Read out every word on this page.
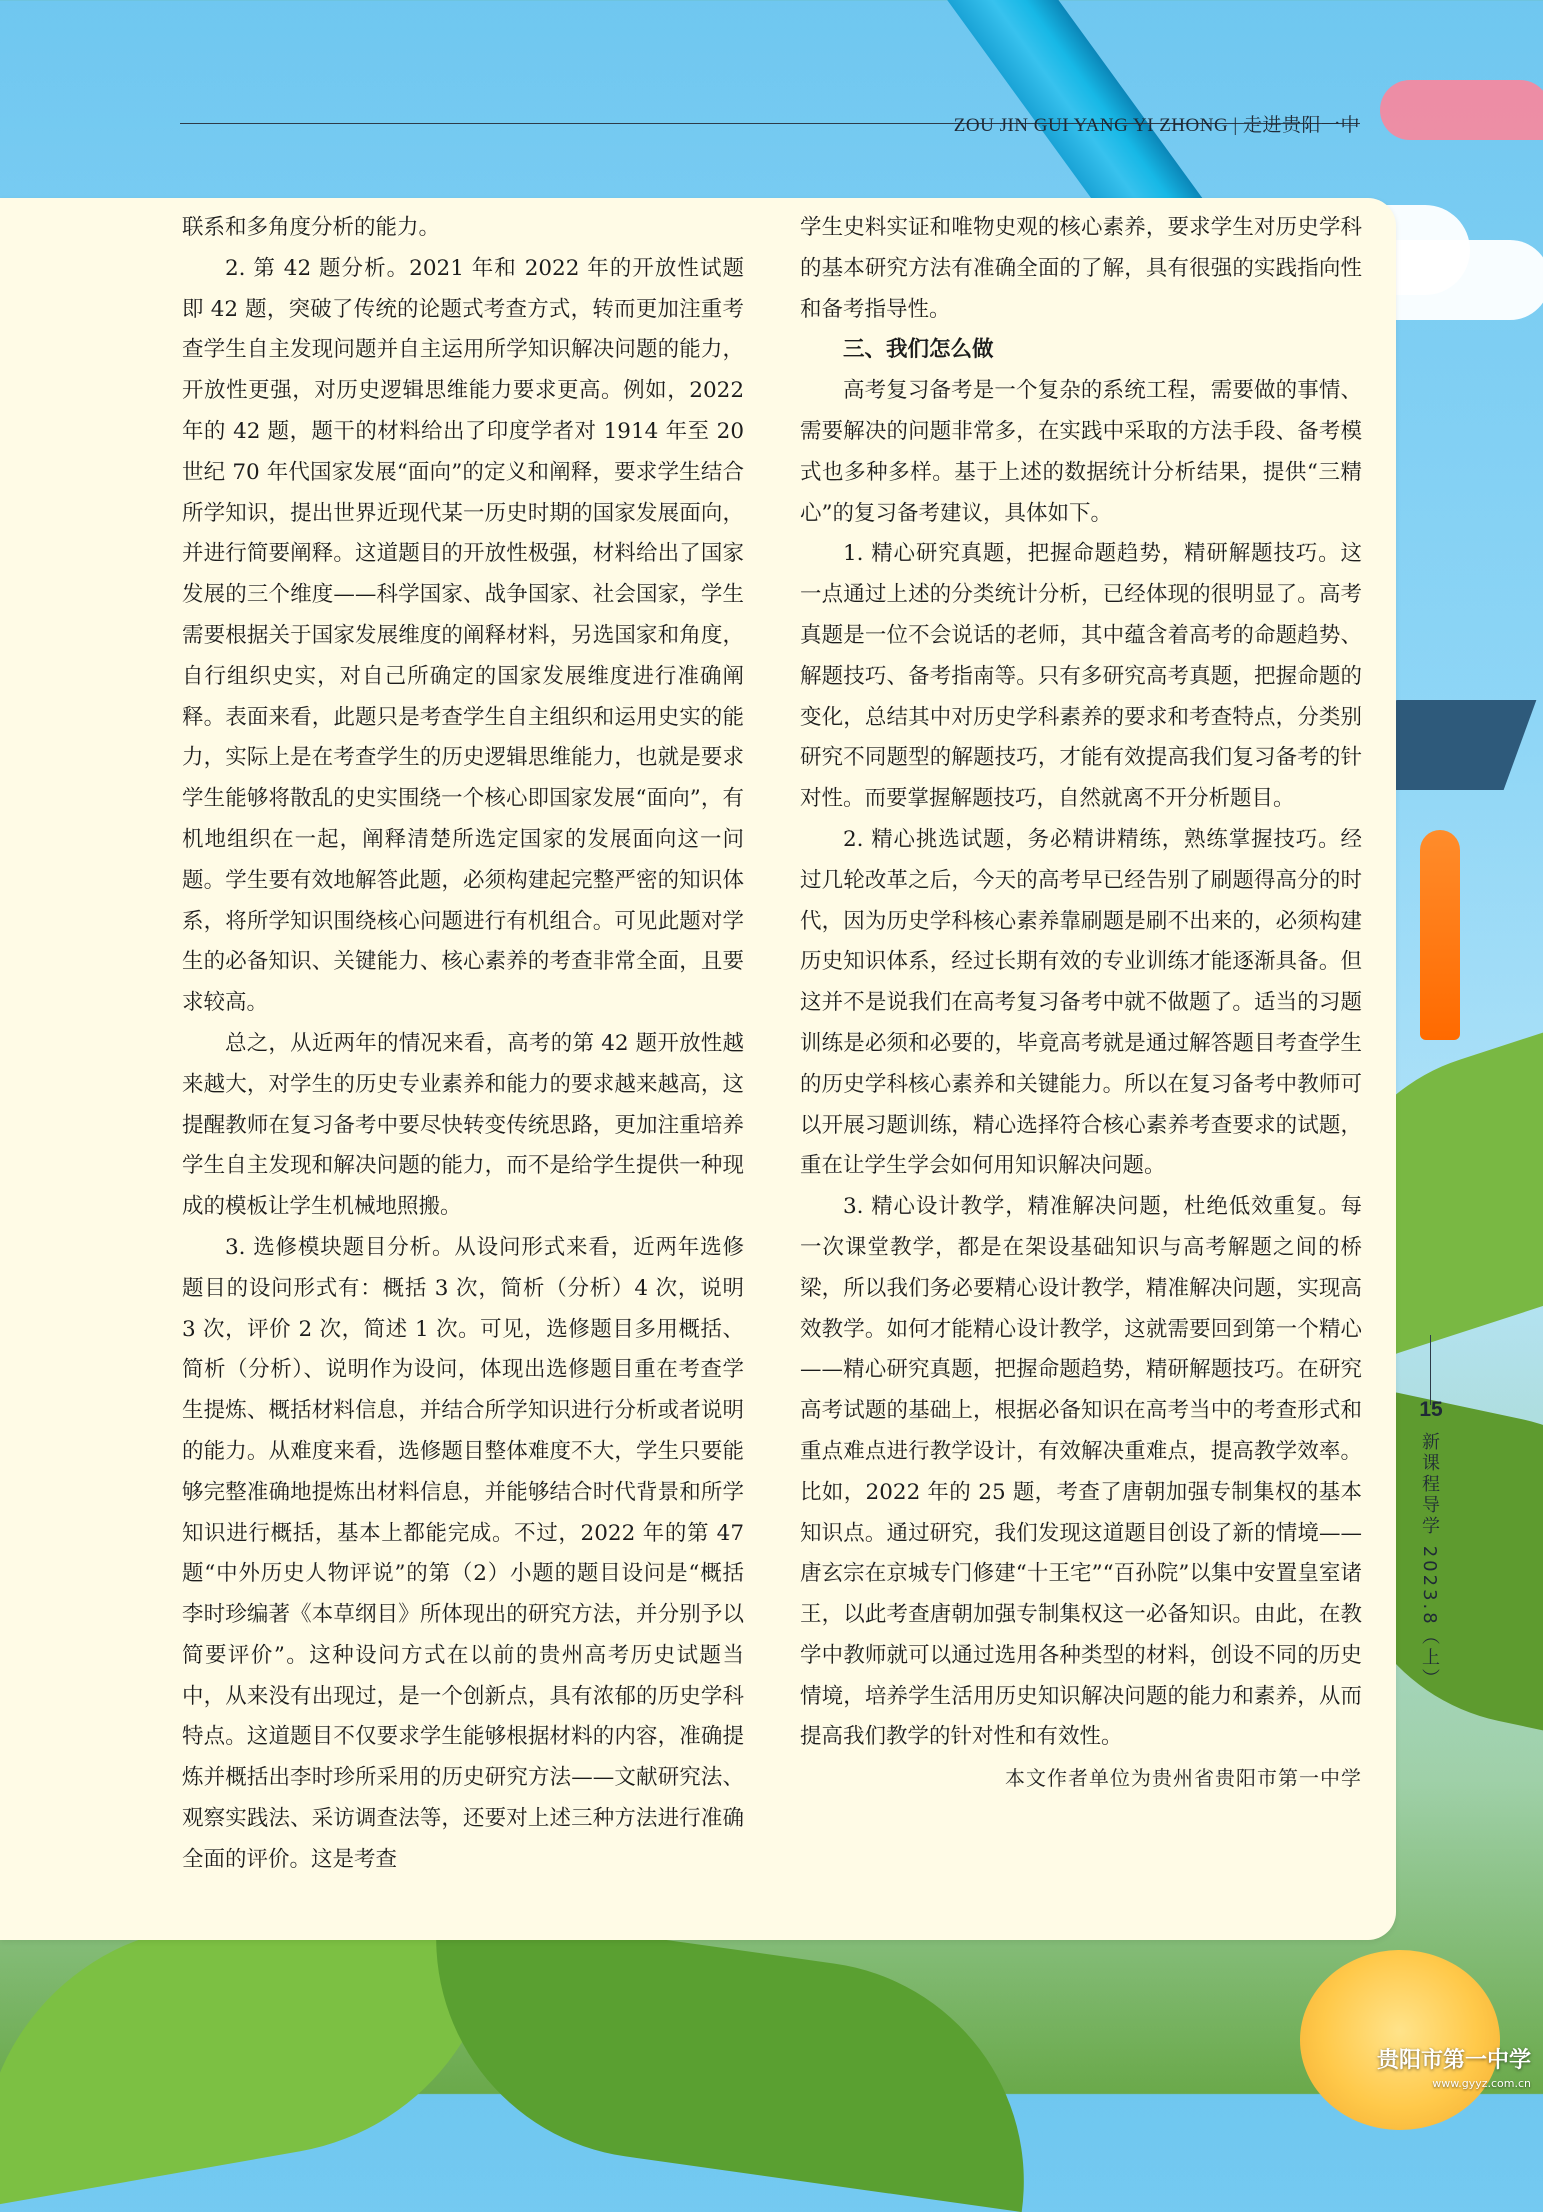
ZOU JIN GUI YANG YI ZHONG | 走进贵阳一中

联系和多角度分析的能力。

2. 第 42 题分析。2021 年和 2022 年的开放性试题即 42 题，突破了传统的论题式考查方式，转而更加注重考查学生自主发现问题并自主运用所学知识解决问题的能力，开放性更强，对历史逻辑思维能力要求更高。例如，2022 年的 42 题，题干的材料给出了印度学者对 1914 年至 20 世纪 70 年代国家发展“面向”的定义和阐释，要求学生结合所学知识，提出世界近现代某一历史时期的国家发展面向，并进行简要阐释。这道题目的开放性极强，材料给出了国家发展的三个维度——科学国家、战争国家、社会国家，学生需要根据关于国家发展维度的阐释材料，另选国家和角度，自行组织史实，对自己所确定的国家发展维度进行准确阐释。表面来看，此题只是考查学生自主组织和运用史实的能力，实际上是在考查学生的历史逻辑思维能力，也就是要求学生能够将散乱的史实围绕一个核心即国家发展“面向”，有机地组织在一起，阐释清楚所选定国家的发展面向这一问题。学生要有效地解答此题，必须构建起完整严密的知识体系，将所学知识围绕核心问题进行有机组合。可见此题对学生的必备知识、关键能力、核心素养的考查非常全面，且要求较高。

总之，从近两年的情况来看，高考的第 42 题开放性越来越大，对学生的历史专业素养和能力的要求越来越高，这提醒教师在复习备考中要尽快转变传统思路，更加注重培养学生自主发现和解决问题的能力，而不是给学生提供一种现成的模板让学生机械地照搬。

3. 选修模块题目分析。从设问形式来看，近两年选修题目的设问形式有：概括 3 次，简析（分析）4 次，说明 3 次，评价 2 次，简述 1 次。可见，选修题目多用概括、简析（分析）、说明作为设问，体现出选修题目重在考查学生提炼、概括材料信息，并结合所学知识进行分析或者说明的能力。从难度来看，选修题目整体难度不大，学生只要能够完整准确地提炼出材料信息，并能够结合时代背景和所学知识进行概括，基本上都能完成。不过，2022 年的第 47 题“中外历史人物评说”的第（2）小题的题目设问是“概括李时珍编著《本草纲目》所体现出的研究方法，并分别予以简要评价”。这种设问方式在以前的贵州高考历史试题当中，从来没有出现过，是一个创新点，具有浓郁的历史学科特点。这道题目不仅要求学生能够根据材料的内容，准确提炼并概括出李时珍所采用的历史研究方法——文献研究法、观察实践法、采访调查法等，还要对上述三种方法进行准确全面的评价。这是考查

学生史料实证和唯物史观的核心素养，要求学生对历史学科的基本研究方法有准确全面的了解，具有很强的实践指向性和备考指导性。

三、我们怎么做

高考复习备考是一个复杂的系统工程，需要做的事情、需要解决的问题非常多，在实践中采取的方法手段、备考模式也多种多样。基于上述的数据统计分析结果，提供“三精心”的复习备考建议，具体如下。

1. 精心研究真题，把握命题趋势，精研解题技巧。这一点通过上述的分类统计分析，已经体现的很明显了。高考真题是一位不会说话的老师，其中蕴含着高考的命题趋势、解题技巧、备考指南等。只有多研究高考真题，把握命题的变化，总结其中对历史学科素养的要求和考查特点，分类别研究不同题型的解题技巧，才能有效提高我们复习备考的针对性。而要掌握解题技巧，自然就离不开分析题目。

2. 精心挑选试题，务必精讲精练，熟练掌握技巧。经过几轮改革之后，今天的高考早已经告别了刷题得高分的时代，因为历史学科核心素养靠刷题是刷不出来的，必须构建历史知识体系，经过长期有效的专业训练才能逐渐具备。但这并不是说我们在高考复习备考中就不做题了。适当的习题训练是必须和必要的，毕竟高考就是通过解答题目考查学生的历史学科核心素养和关键能力。所以在复习备考中教师可以开展习题训练，精心选择符合核心素养考查要求的试题，重在让学生学会如何用知识解决问题。

3. 精心设计教学，精准解决问题，杜绝低效重复。每一次课堂教学，都是在架设基础知识与高考解题之间的桥梁，所以我们务必要精心设计教学，精准解决问题，实现高效教学。如何才能精心设计教学，这就需要回到第一个精心——精心研究真题，把握命题趋势，精研解题技巧。在研究高考试题的基础上，根据必备知识在高考当中的考查形式和重点难点进行教学设计，有效解决重难点，提高教学效率。比如，2022 年的 25 题，考查了唐朝加强专制集权的基本知识点。通过研究，我们发现这道题目创设了新的情境——唐玄宗在京城专门修建“十王宅”“百孙院”以集中安置皇室诸王，以此考查唐朝加强专制集权这一必备知识。由此，在教学中教师就可以通过选用各种类型的材料，创设不同的历史情境，培养学生活用历史知识解决问题的能力和素养，从而提高我们教学的针对性和有效性。

本文作者单位为贵州省贵阳市第一中学

15
新课程导学 2023.8（上）
贵阳市第一中学
www.gyyz.com.cn
